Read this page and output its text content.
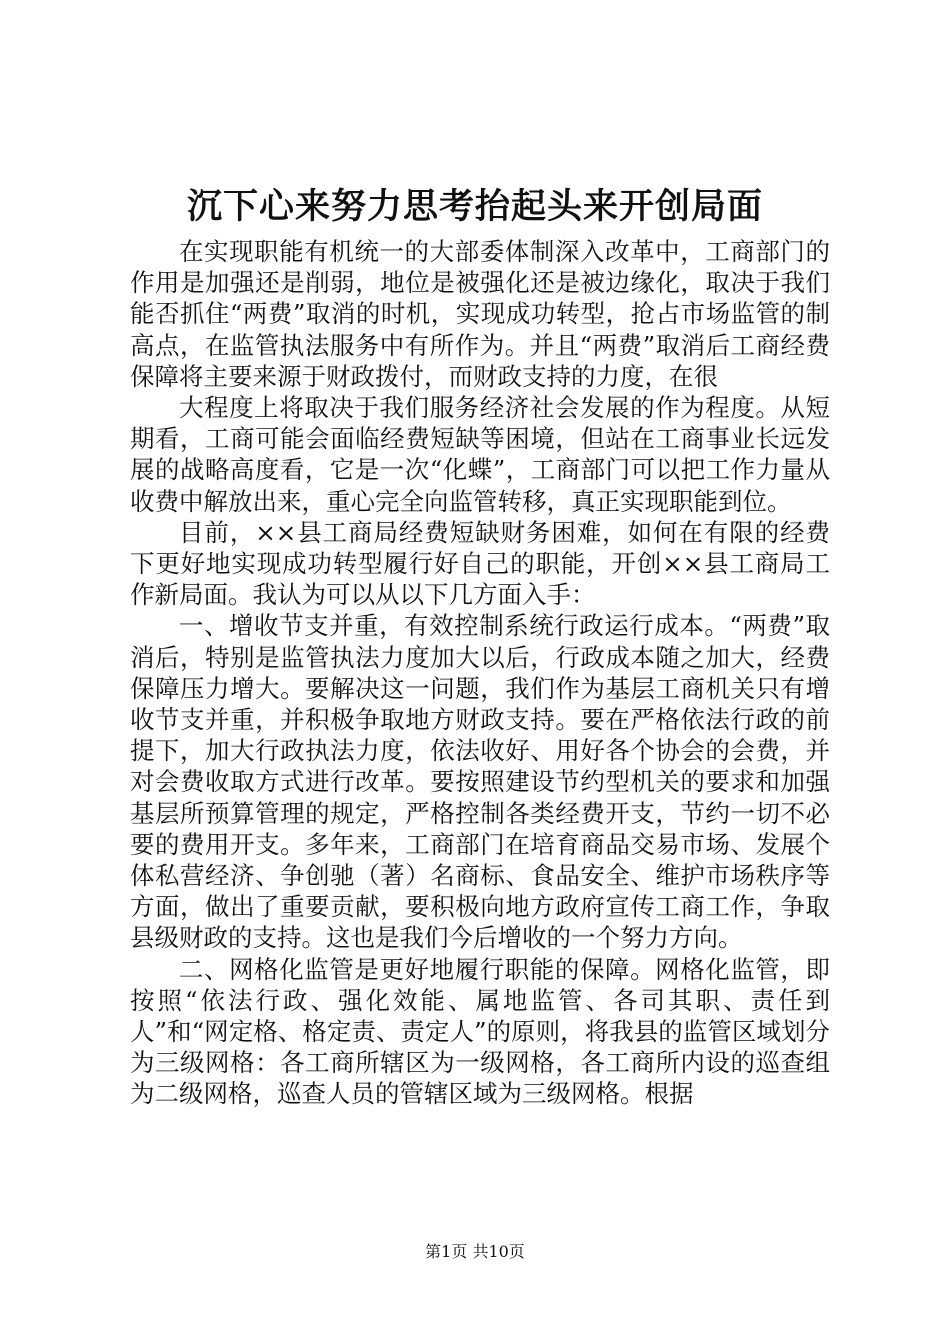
沉下心来努力思考抬起头来开创局面

在实现职能有机统一的大部委体制深入改革中，工商部门的作用是加强还是削弱，地位是被强化还是被边缘化，取决于我们能否抓住“两费”取消的时机，实现成功转型，抢占市场监管的制高点，在监管执法服务中有所作为。并且“两费”取消后工商经费保障将主要来源于财政拨付，而财政支持的力度，在很

大程度上将取决于我们服务经济社会发展的作为程度。从短期看，工商可能会面临经费短缺等困境，但站在工商事业长远发展的战略高度看，它是一次“化蝶”，工商部门可以把工作力量从收费中解放出来，重心完全向监管转移，真正实现职能到位。

目前，××县工商局经费短缺财务困难，如何在有限的经费下更好地实现成功转型履行好自己的职能，开创××县工商局工作新局面。我认为可以从以下几方面入手：

一、增收节支并重，有效控制系统行政运行成本。“两费”取消后，特别是监管执法力度加大以后，行政成本随之加大，经费保障压力增大。要解决这一问题，我们作为基层工商机关只有增收节支并重，并积极争取地方财政支持。要在严格依法行政的前提下，加大行政执法力度，依法收好、用好各个协会的会费，并对会费收取方式进行改革。要按照建设节约型机关的要求和加强基层所预算管理的规定，严格控制各类经费开支，节约一切不必要的费用开支。多年来，工商部门在培育商品交易市场、发展个体私营经济、争创驰（著）名商标、食品安全、维护市场秩序等方面，做出了重要贡献，要积极向地方政府宣传工商工作，争取县级财政的支持。这也是我们今后增收的一个努力方向。

二、网格化监管是更好地履行职能的保障。网格化监管，即按照“依法行政、强化效能、属地监管、各司其职、责任到人”和“网定格、格定责、责定人”的原则，将我县的监管区域划分为三级网格：各工商所辖区为一级网格，各工商所内设的巡查组为二级网格，巡查人员的管辖区域为三级网格。根据

第1页 共10页
